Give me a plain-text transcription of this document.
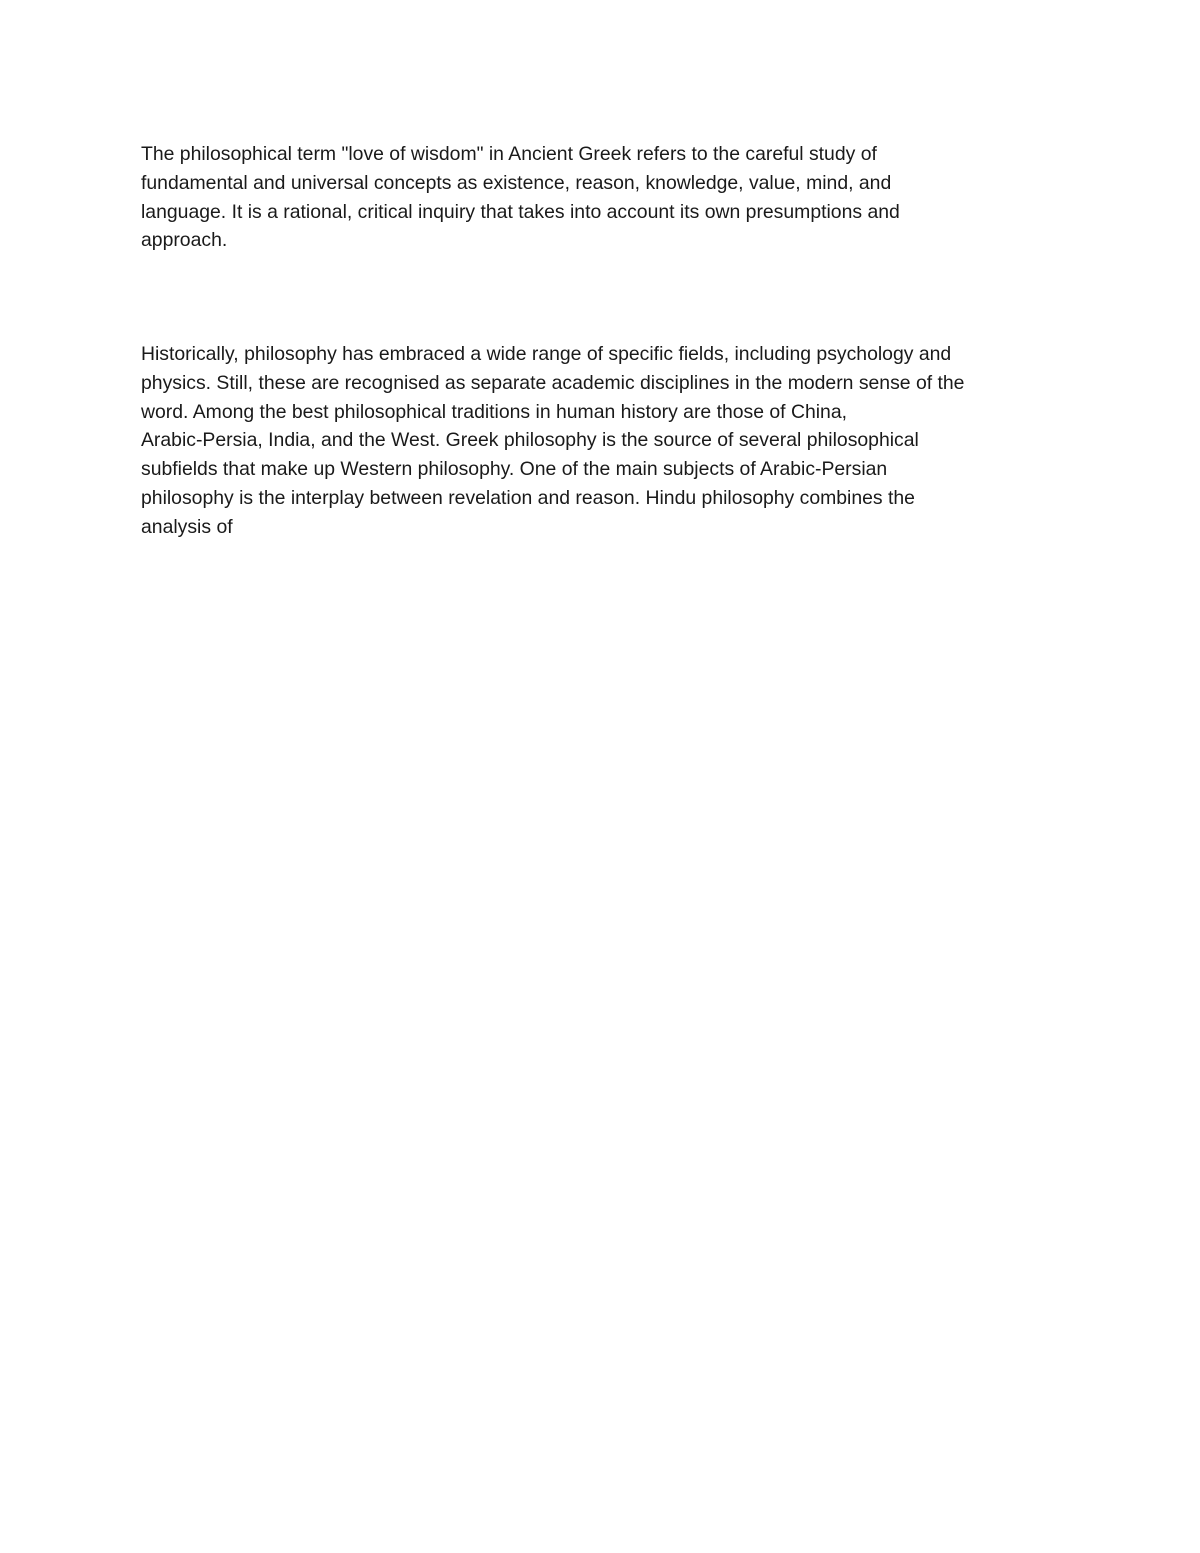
The philosophical term "love of wisdom" in Ancient Greek refers to the careful study of
fundamental and universal concepts as existence, reason, knowledge, value, mind, and
language. It is a rational, critical inquiry that takes into account its own presumptions and
approach.

Historically, philosophy has embraced a wide range of specific fields, including psychology and
physics. Still, these are recognised as separate academic disciplines in the modern sense of the
word. Among the best philosophical traditions in human history are those of China,
Arabic-Persia, India, and the West. Greek philosophy is the source of several philosophical
subfields that make up Western philosophy. One of the main subjects of Arabic-Persian
philosophy is the interplay between revelation and reason. Hindu philosophy combines the
analysis of
